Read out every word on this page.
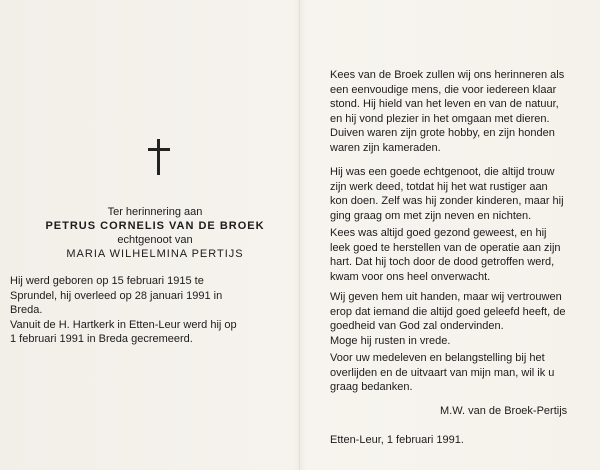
Ter herinnering aan
PETRUS CORNELIS VAN DE BROEK
echtgenoot van
MARIA WILHELMINA PERTIJS
Hij werd geboren op 15 februari 1915 te
Sprundel, hij overleed op 28 januari 1991 in
Breda.
Vanuit de H. Hartkerk in Etten-Leur werd hij op
1 februari 1991 in Breda gecremeerd.
Kees van de Broek zullen wij ons herinneren als
een eenvoudige mens, die voor iedereen klaar
stond. Hij hield van het leven en van de natuur,
en hij vond plezier in het omgaan met dieren.
Duiven waren zijn grote hobby, en zijn honden
waren zijn kameraden.
Hij was een goede echtgenoot, die altijd trouw
zijn werk deed, totdat hij het wat rustiger aan
kon doen. Zelf was hij zonder kinderen, maar hij
ging graag om met zijn neven en nichten.
Kees was altijd goed gezond geweest, en hij
leek goed te herstellen van de operatie aan zijn
hart. Dat hij toch door de dood getroffen werd,
kwam voor ons heel onverwacht.
Wij geven hem uit handen, maar wij vertrouwen
erop dat iemand die altijd goed geleefd heeft, de
goedheid van God zal ondervinden.
Moge hij rusten in vrede.
Voor uw medeleven en belangstelling bij het
overlijden en de uitvaart van mijn man, wil ik u
graag bedanken.
M.W. van de Broek-Pertijs
Etten-Leur, 1 februari 1991.
